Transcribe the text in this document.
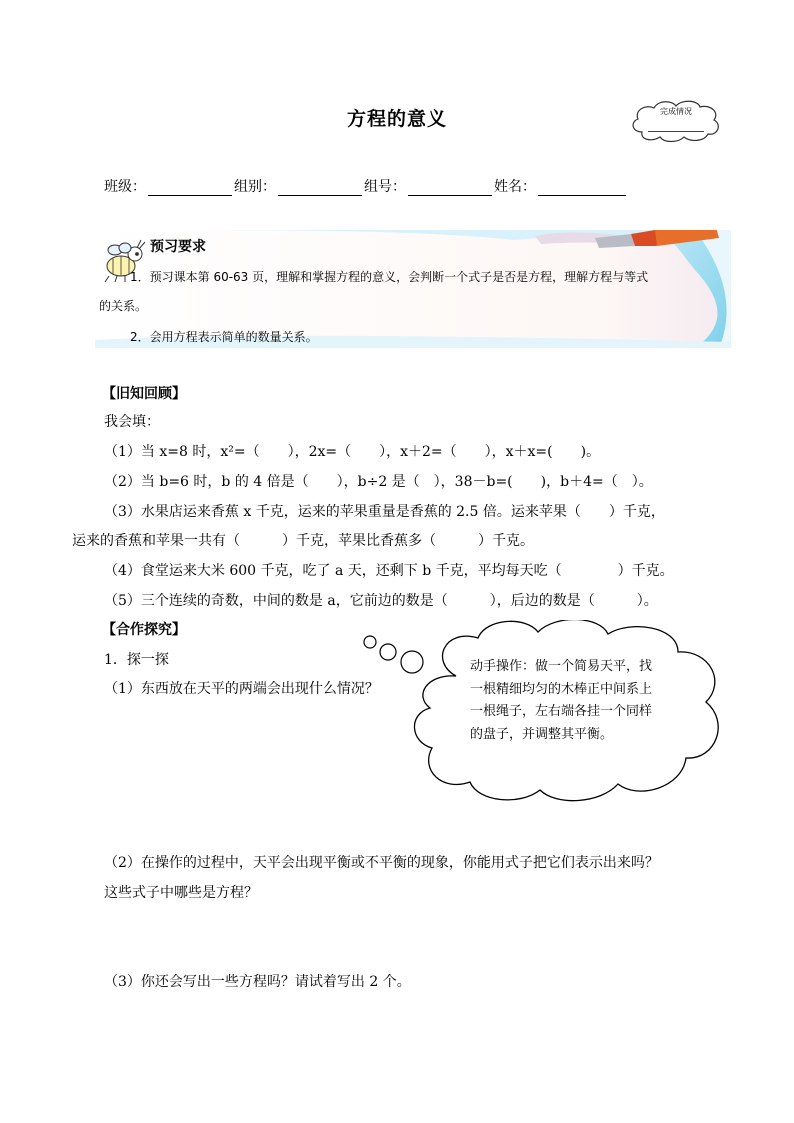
方程的意义	完成情况
班级：	组别：	组号：	姓名：
预习要求
1．预习课本第 60-63 页，理解和掌握方程的意义，会判断一个式子是否是方程，理解方程与等式
的关系。
2．会用方程表示简单的数量关系。
【旧知回顾】
我会填：
（1）当 x=8 时，x²=（　　），2x=（　　），x＋2=（　　），x＋x=(　　)。
（2）当 b=6 时，b 的 4 倍是（　　），b÷2 是（　），38－b=(　　)，b＋4=（　）。
（3）水果店运来香蕉 x 千克，运来的苹果重量是香蕉的 2.5 倍。运来苹果（　　）千克，
运来的香蕉和苹果一共有（　　　）千克，苹果比香蕉多（　　　）千克。
（4）食堂运来大米 600 千克，吃了 a 天，还剩下 b 千克，平均每天吃（　　　　）千克。
（5）三个连续的奇数，中间的数是 a，它前边的数是（　　　），后边的数是（　　　）。
【合作探究】
1．探一探
（1）东西放在天平的两端会出现什么情况？
动手操作：做一个简易天平，找一根精细均匀的木棒正中间系上一根绳子，左右端各挂一个同样的盘子，并调整其平衡。
（2）在操作的过程中，天平会出现平衡或不平衡的现象，你能用式子把它们表示出来吗？
这些式子中哪些是方程？
（3）你还会写出一些方程吗？请试着写出 2 个。
